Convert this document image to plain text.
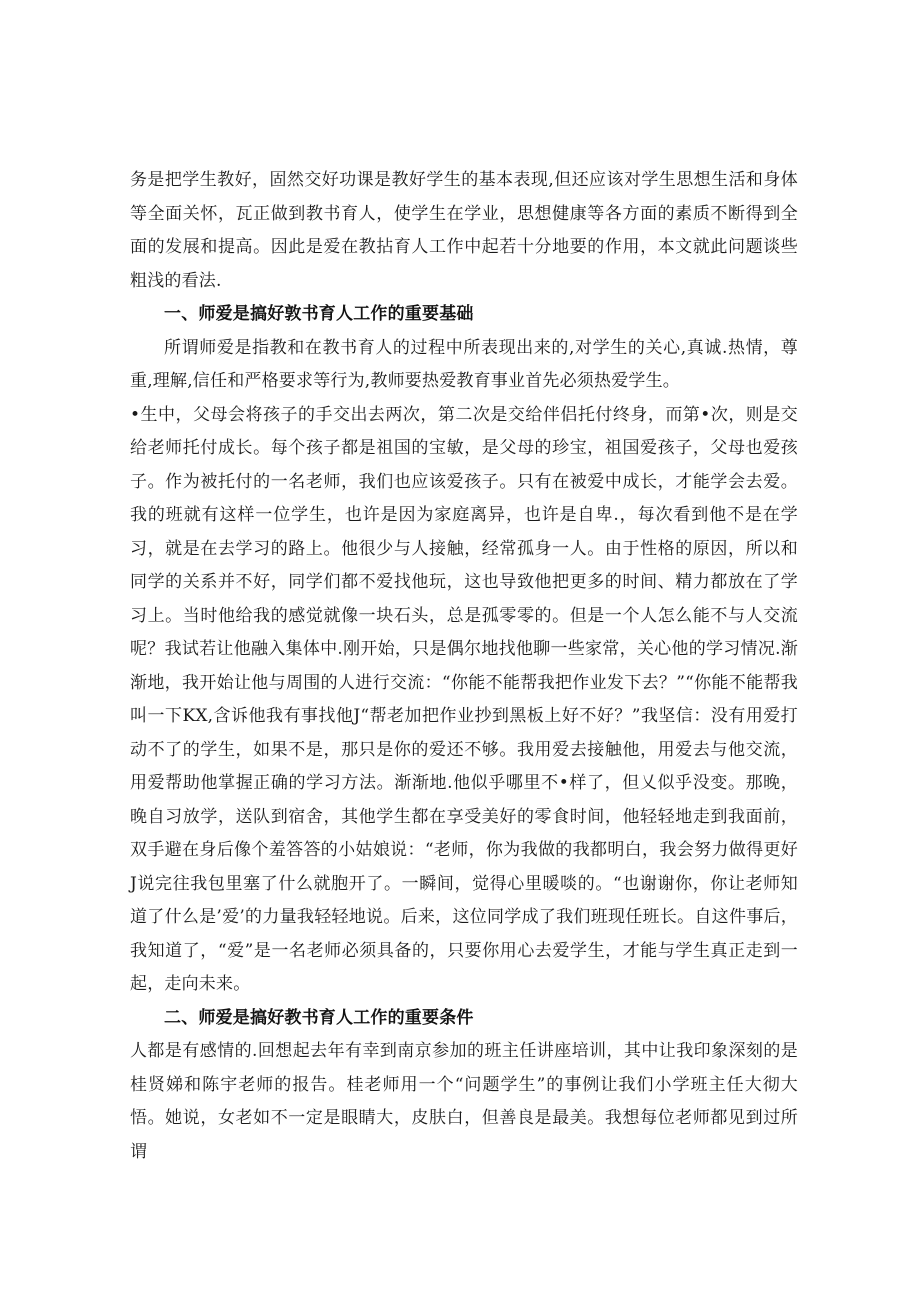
务是把学生教好，固然交好功课是教好学生的基本表现,但还应该对学生思想生活和身体等全面关怀，瓦正做到教书育人，使学生在学业，思想健康等各方面的素质不断得到全面的发展和提高。因此是爱在教拈育人工作中起若十分地要的作用，本文就此问题谈些粗浅的看法.

一、师爱是搞好敦书育人工作的重要基础

所谓师爱是指教和在教书育人的过程中所表现出来的,对学生的关心,真诚.热情，尊重,理解,信任和严格要求等行为,教师要热爱教育事业首先必须热爱学生。

•生中，父母会将孩子的手交出去两次，第二次是交给伴侣托付终身，而第•次，则是交给老师托付成长。每个孩子都是祖国的宝敏，是父母的珍宝，祖国爱孩子，父母也爱孩子。作为被托付的一名老师，我们也应该爱孩子。只有在被爱中成长，才能学会去爱。我的班就有这样一位学生，也许是因为家庭离异，也许是自卑.，每次看到他不是在学习，就是在去学习的路上。他很少与人接触，经常孤身一人。由于性格的原因，所以和同学的关系并不好，同学们都不爱找他玩，这也导致他把更多的时间、精力都放在了学习上。当时他给我的感觉就像一块石头，总是孤零零的。但是一个人怎么能不与人交流呢？我试若让他融入集体中.刚开始，只是偶尔地找他聊一些家常，关心他的学习情况.渐渐地，我开始让他与周围的人进行交流：“你能不能帮我把作业发下去？”“你能不能帮我叫一下KX,含诉他我有事找他J“帮老加把作业抄到黑板上好不好？”我坚信：没有用爱打动不了的学生，如果不是，那只是你的爱还不够。我用爱去接触他，用爱去与他交流，用爱帮助他掌握正确的学习方法。渐渐地.他似乎哪里不•样了，但乂似乎没变。那晚，晚自习放学，送队到宿舍，其他学生都在享受美好的零食时间，他轻轻地走到我面前，双手避在身后像个羞答答的小姑娘说：“老师，你为我做的我都明白，我会努力做得更好J说完往我包里塞了什么就胞开了。一瞬间，觉得心里暖啖的。“也谢谢你，你让老师知道了什么是’爱’的力量我轻轻地说。后来，这位同学成了我们班现任班长。自这件事后，我知道了，“爱”是一名老师必须具备的，只要你用心去爱学生，才能与学生真正走到一起，走向未来。

二、师爱是搞好教书育人工作的重要条件

人都是有感情的.回想起去年有幸到南京参加的班主任讲座培训，其中让我印象深刻的是桂贤娣和陈宇老师的报告。桂老师用一个“问题学生”的事例让我们小学班主任大彻大悟。她说，女老如不一定是眼睛大，皮肤白，但善良是最美。我想每位老师都见到过所谓
